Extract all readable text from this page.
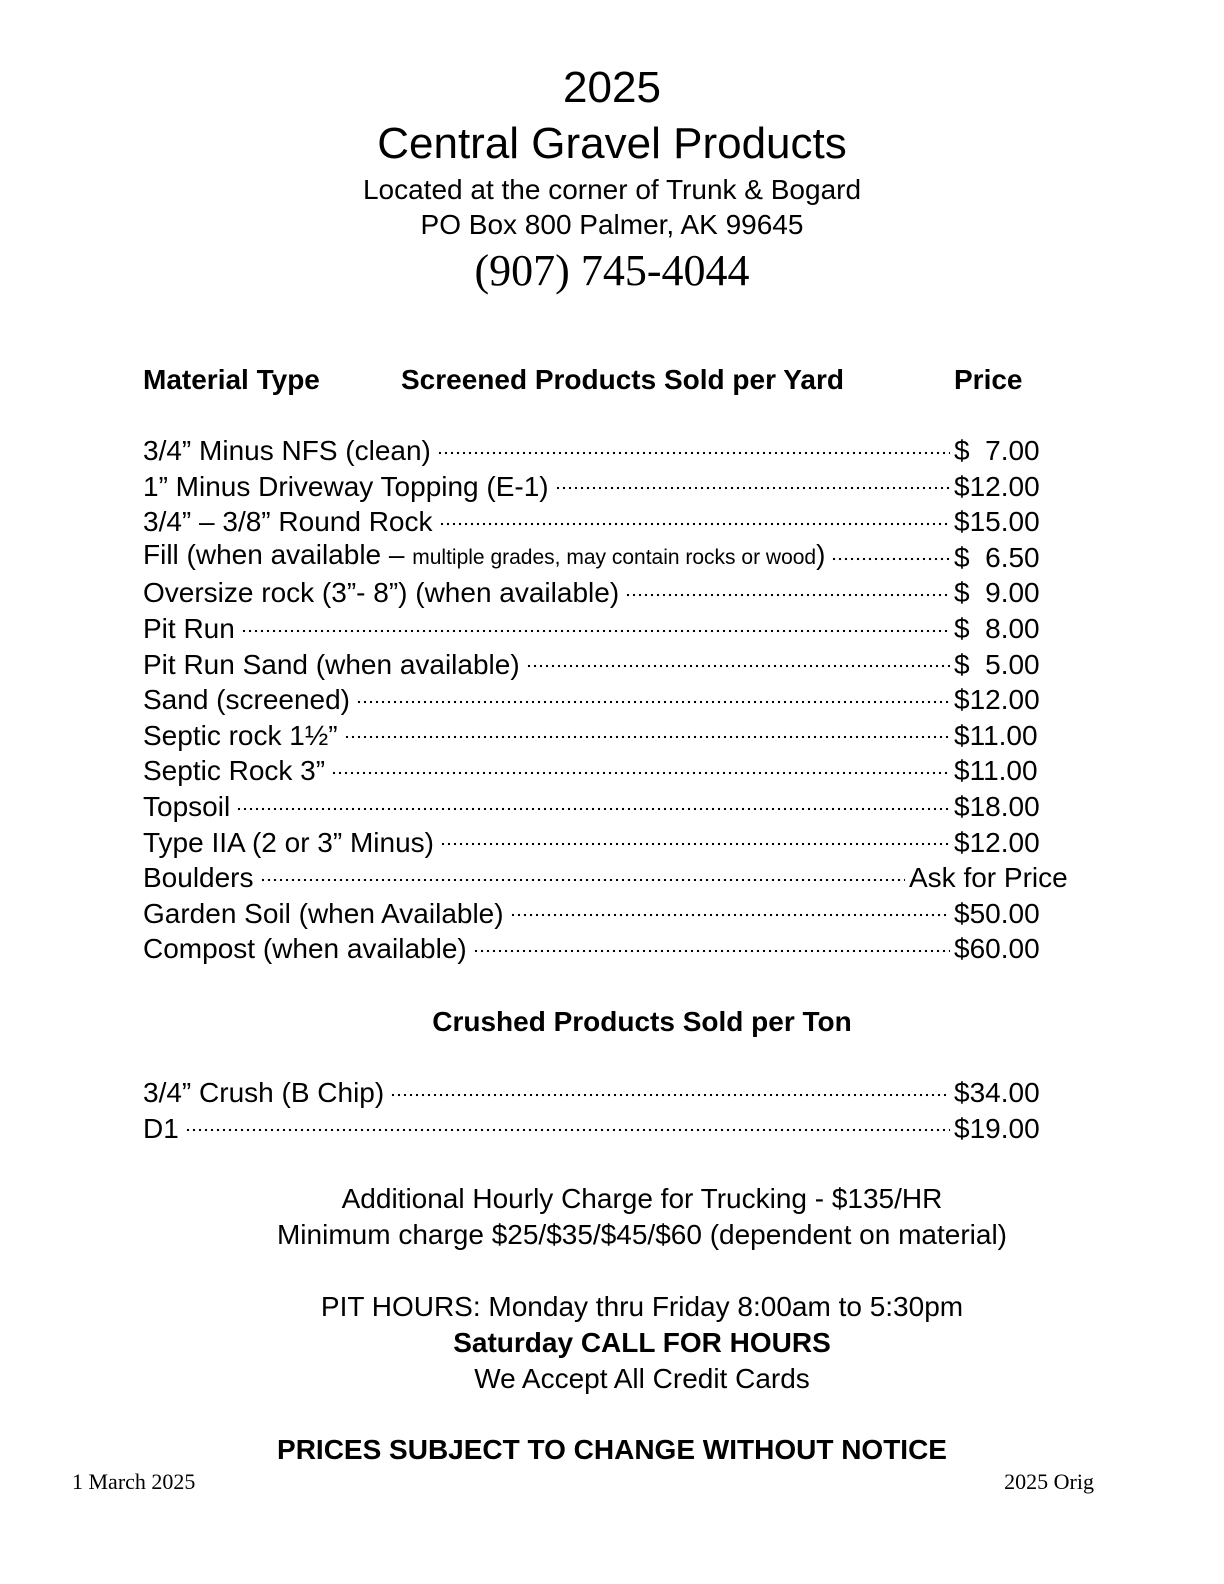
2025
Central Gravel Products
Located at the corner of Trunk & Bogard
PO Box 800 Palmer, AK 99645
(907) 745-4044
Material Type	Screened Products Sold per Yard	Price
3/4” Minus NFS (clean)	$  7.00
1” Minus Driveway Topping (E-1)	$12.00
3/4” – 3/8” Round Rock	$15.00
Fill (when available – multiple grades, may contain rocks or wood)	$  6.50
Oversize rock (3”- 8”) (when available)	$  9.00
Pit Run	$  8.00
Pit Run Sand (when available)	$  5.00
Sand (screened)	$12.00
Septic rock 1½”	$11.00
Septic Rock 3”	$11.00
Topsoil	$18.00
Type IIA (2 or 3” Minus)	$12.00
Boulders	Ask for Price
Garden Soil (when Available)	$50.00
Compost (when available)	$60.00
Crushed Products Sold per Ton
3/4” Crush (B Chip)	$34.00
D1	$19.00
Additional Hourly Charge for Trucking - $135/HR
Minimum charge $25/$35/$45/$60 (dependent on material)
PIT HOURS: Monday thru Friday 8:00am to 5:30pm
Saturday CALL FOR HOURS
We Accept All Credit Cards
PRICES SUBJECT TO CHANGE WITHOUT NOTICE
1 March 2025	2025 Orig
